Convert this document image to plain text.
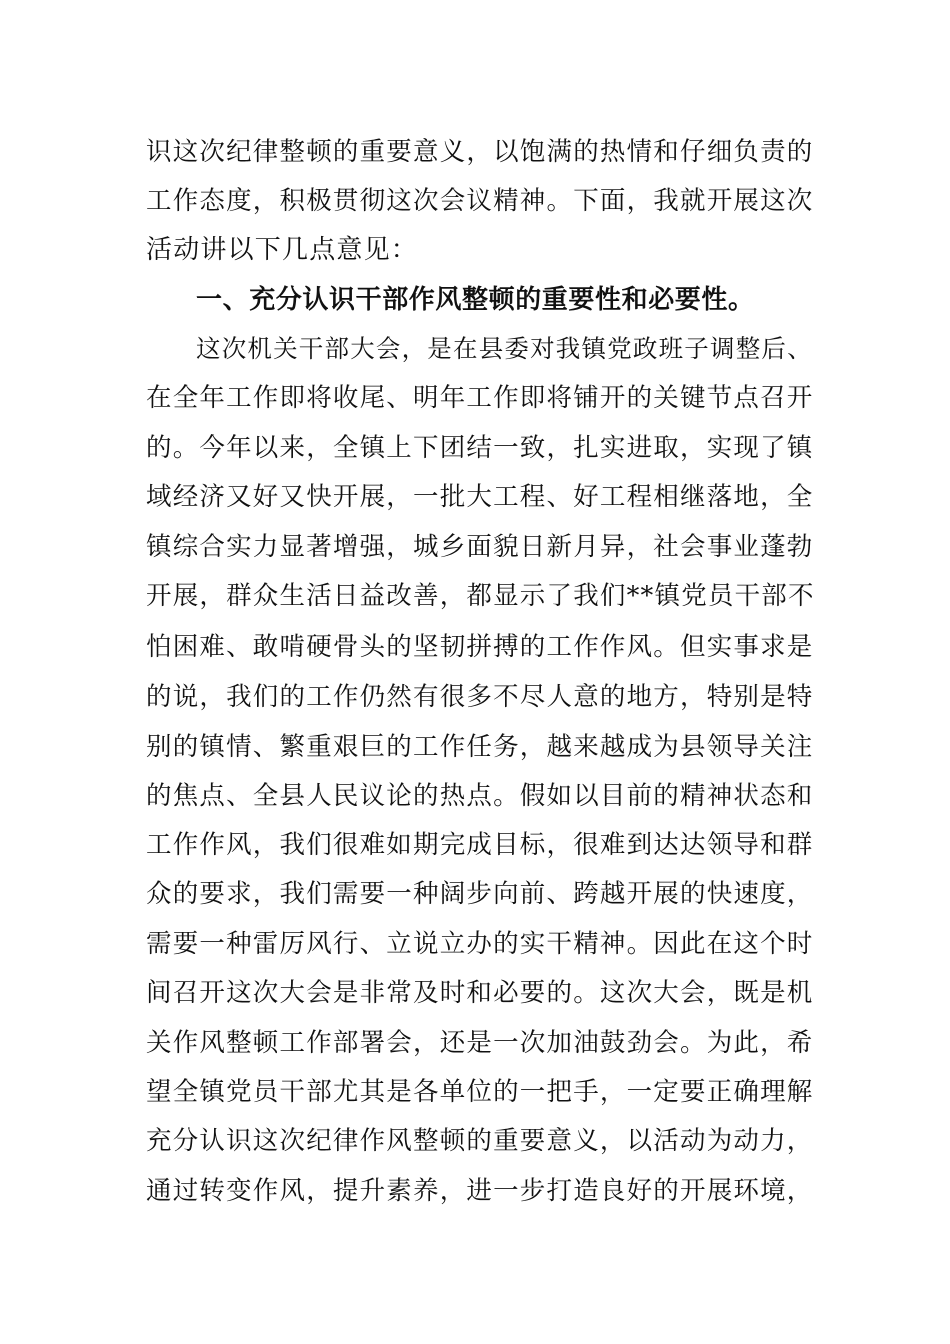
识这次纪律整顿的重要意义，以饱满的热情和仔细负责的
工作态度，积极贯彻这次会议精神。下面，我就开展这次
活动讲以下几点意见：
一、充分认识干部作风整顿的重要性和必要性。
这次机关干部大会，是在县委对我镇党政班子调整后、
在全年工作即将收尾、明年工作即将铺开的关键节点召开
的。今年以来，全镇上下团结一致，扎实进取，实现了镇
域经济又好又快开展，一批大工程、好工程相继落地，全
镇综合实力显著增强，城乡面貌日新月异，社会事业蓬勃
开展，群众生活日益改善，都显示了我们**镇党员干部不
怕困难、敢啃硬骨头的坚韧拼搏的工作作风。但实事求是
的说，我们的工作仍然有很多不尽人意的地方，特别是特
别的镇情、繁重艰巨的工作任务，越来越成为县领导关注
的焦点、全县人民议论的热点。假如以目前的精神状态和
工作作风，我们很难如期完成目标，很难到达达领导和群
众的要求，我们需要一种阔步向前、跨越开展的快速度，
需要一种雷厉风行、立说立办的实干精神。因此在这个时
间召开这次大会是非常及时和必要的。这次大会，既是机
关作风整顿工作部署会，还是一次加油鼓劲会。为此，希
望全镇党员干部尤其是各单位的一把手，一定要正确理解
充分认识这次纪律作风整顿的重要意义，以活动为动力，
通过转变作风，提升素养，进一步打造良好的开展环境，
